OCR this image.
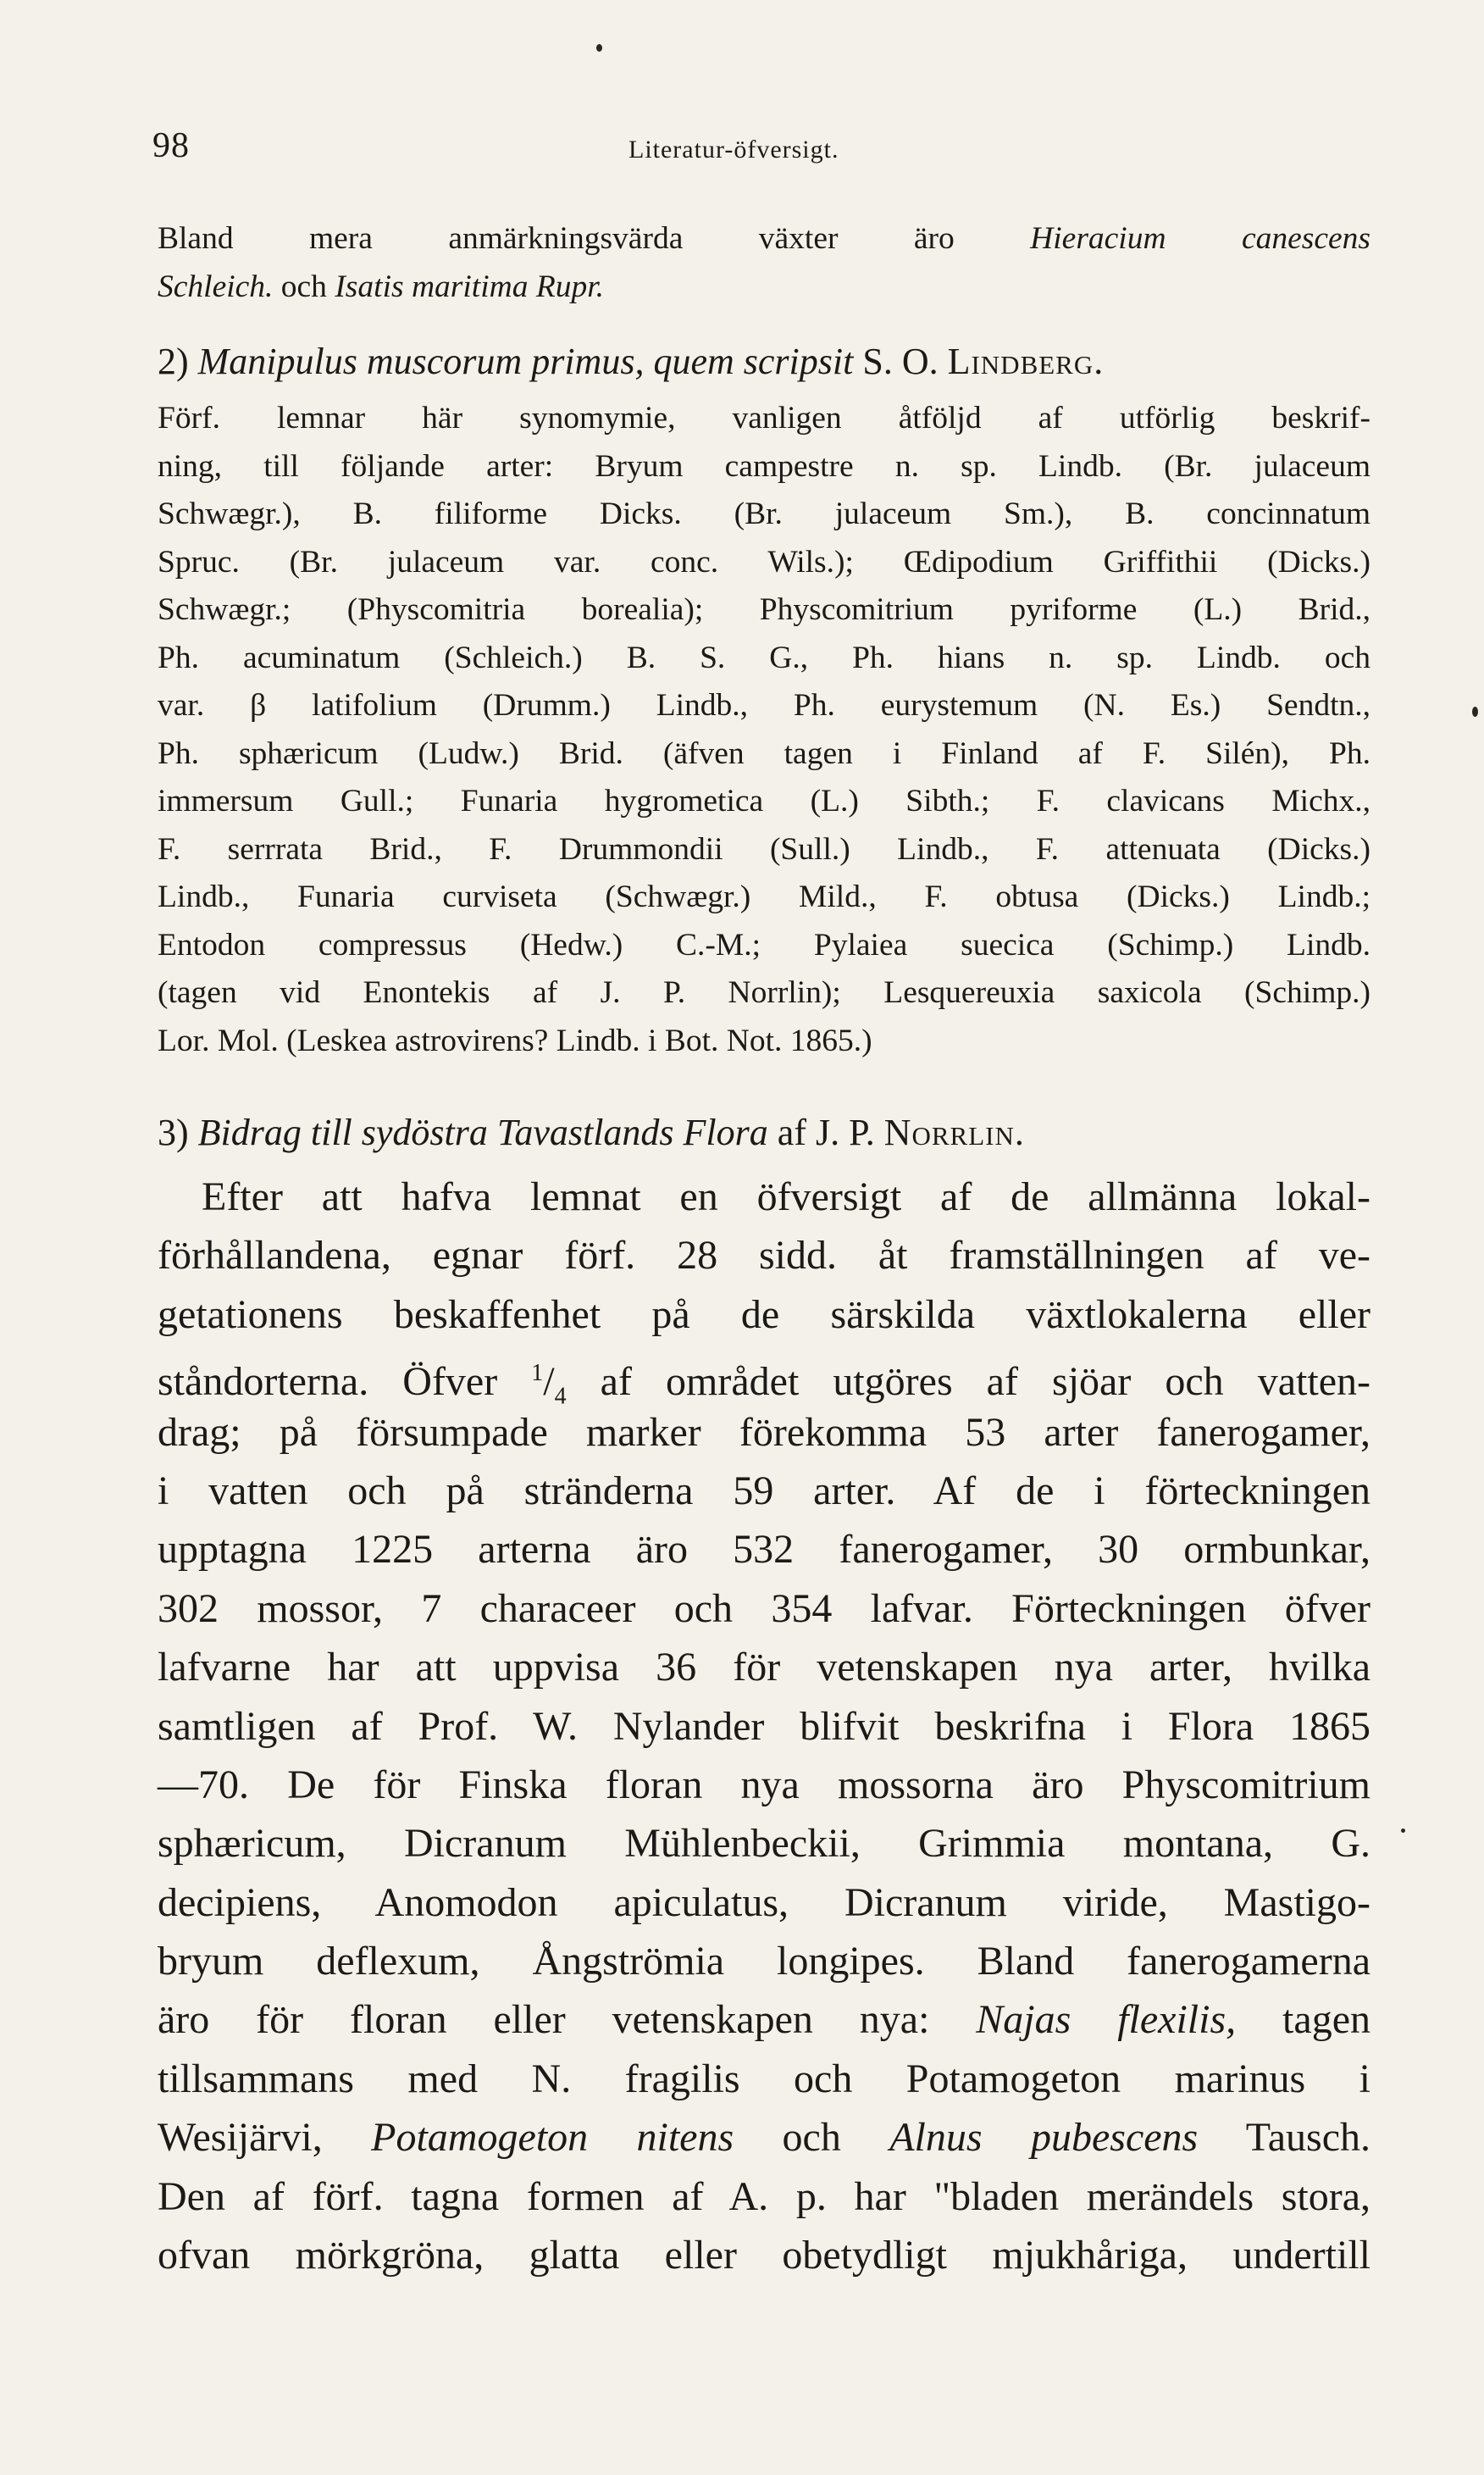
98	Literatur-öfversigt.
Bland mera anmärkningsvärda växter äro Hieracium canescens
Schleich. och Isatis maritima Rupr.
2) Manipulus muscorum primus, quem scripsit S. O. Lindberg.
Förf. lemnar här synomymie, vanligen åtföljd af utförlig beskrif-
ning, till följande arter: Bryum campestre n. sp. Lindb. (Br. julaceum
Schwægr.), B. filiforme Dicks. (Br. julaceum Sm.), B. concinnatum
Spruc. (Br. julaceum var. conc. Wils.); Œdipodium Griffithii (Dicks.)
Schwægr.; (Physcomitria borealia); Physcomitrium pyriforme (L.) Brid.,
Ph. acuminatum (Schleich.) B. S. G., Ph. hians n. sp. Lindb. och
var. β latifolium (Drumm.) Lindb., Ph. eurystemum (N. Es.) Sendtn.,
Ph. sphæricum (Ludw.) Brid. (äfven tagen i Finland af F. Silén), Ph.
immersum Gull.; Funaria hygrometica (L.) Sibth.; F. clavicans Michx.,
F. serrrata Brid., F. Drummondii (Sull.) Lindb., F. attenuata (Dicks.)
Lindb., Funaria curviseta (Schwægr.) Mild., F. obtusa (Dicks.) Lindb.;
Entodon compressus (Hedw.) C.-M.; Pylaiea suecica (Schimp.) Lindb.
(tagen vid Enontekis af J. P. Norrlin); Lesquereuxia saxicola (Schimp.)
Lor. Mol. (Leskea astrovirens? Lindb. i Bot. Not. 1865.)
3) Bidrag till sydöstra Tavastlands Flora af J. P. Norrlin.
Efter att hafva lemnat en öfversigt af de allmänna lokal-
förhållandena, egnar förf. 28 sidd. åt framställningen af ve-
getationens beskaffenhet på de särskilda växtlokalerna eller
ståndorterna. Öfver $^1/_4$ af området utgöres af sjöar och vatten-
drag; på försumpade marker förekomma 53 arter fanerogamer,
i vatten och på stränderna 59 arter. Af de i förteckningen
upptagna 1225 arterna äro 532 fanerogamer, 30 ormbunkar,
302 mossor, 7 characeer och 354 lafvar. Förteckningen öfver
lafvarne har att uppvisa 36 för vetenskapen nya arter, hvilka
samtligen af Prof. W. Nylander blifvit beskrifna i Flora 1865
—70. De för Finska floran nya mossorna äro Physcomitrium
sphæricum, Dicranum Mühlenbeckii, Grimmia montana, G.
decipiens, Anomodon apiculatus, Dicranum viride, Mastigo-
bryum deflexum, Ångströmia longipes. Bland fanerogamerna
äro för floran eller vetenskapen nya: Najas flexilis, tagen
tillsammans med N. fragilis och Potamogeton marinus i
Wesijärvi, Potamogeton nitens och Alnus pubescens Tausch.
Den af förf. tagna formen af A. p. har "bladen merändels stora,
ofvan mörkgröna, glatta eller obetydligt mjukhåriga, undertill
